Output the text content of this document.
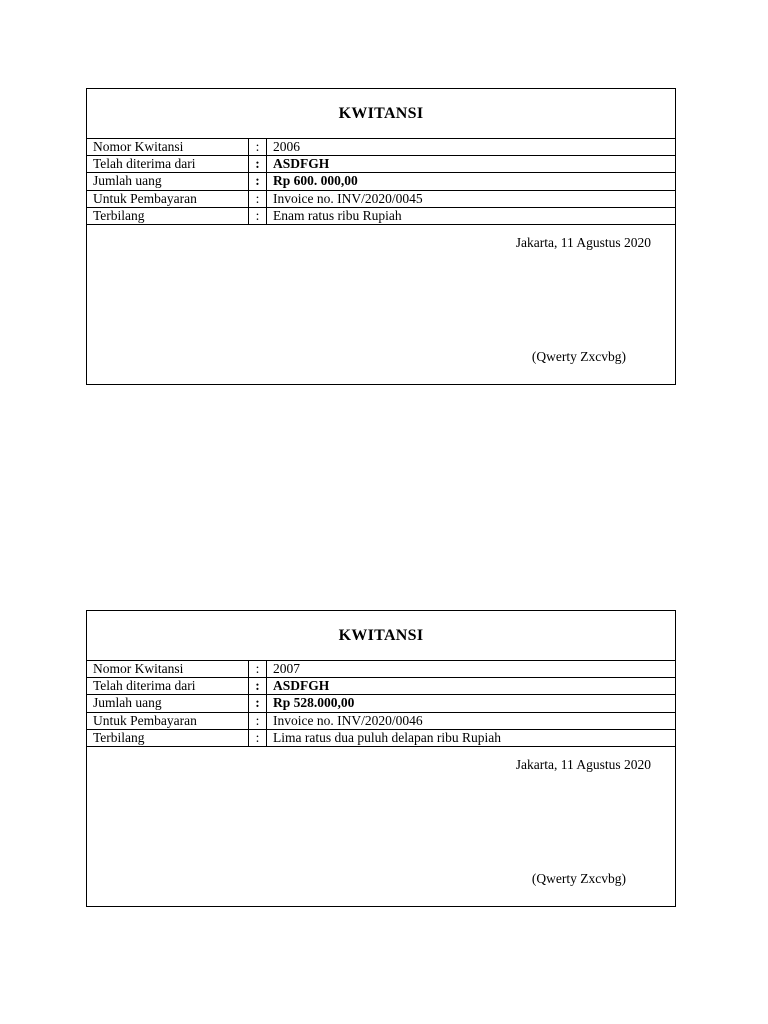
KWITANSI
Nomor Kwitansi	:	2006
Telah diterima dari	: ASDFGH
Jumlah uang	: Rp 600. 000,00
Untuk Pembayaran	:	Invoice no. INV/2020/0045
Terbilang	:	Enam ratus ribu Rupiah
Jakarta, 11 Agustus 2020
(Qwerty Zxcvbg)
KWITANSI
Nomor Kwitansi	:	2007
Telah diterima dari	: ASDFGH
Jumlah uang	: Rp 528.000,00
Untuk Pembayaran	:	Invoice no. INV/2020/0046
Terbilang	:	Lima ratus dua puluh delapan ribu Rupiah
Jakarta, 11 Agustus 2020
(Qwerty Zxcvbg)
